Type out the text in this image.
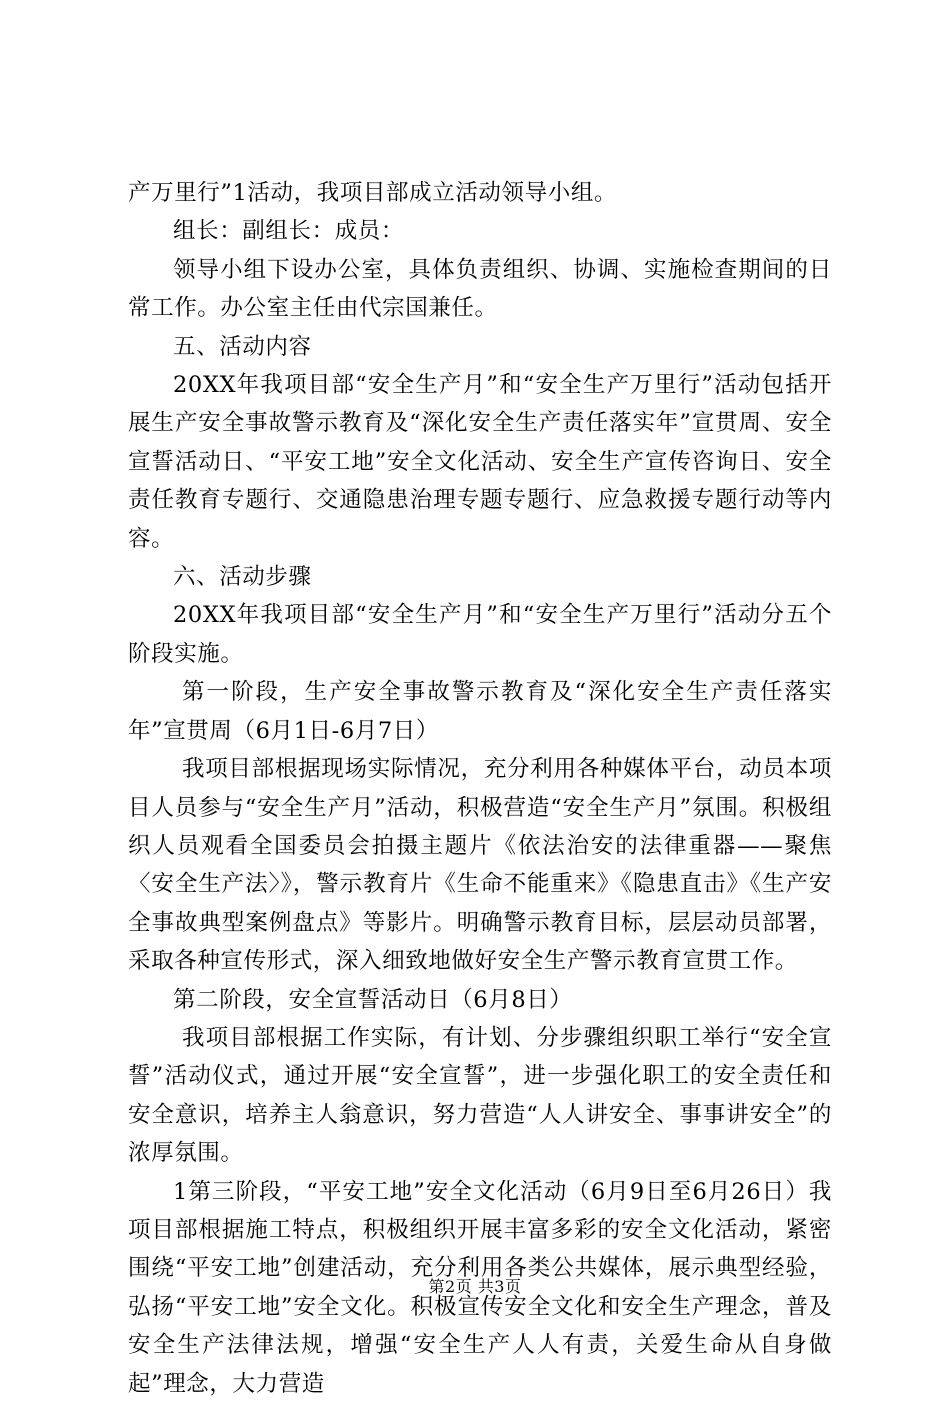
产万里行”1活动，我项目部成立活动领导小组。

组长：副组长：成员：

领导小组下设办公室，具体负责组织、协调、实施检查期间的日常工作。办公室主任由代宗国兼任。

五、活动内容

20XX年我项目部“安全生产月”和“安全生产万里行”活动包括开展生产安全事故警示教育及“深化安全生产责任落实年”宣贯周、安全宣誓活动日、“平安工地”安全文化活动、安全生产宣传咨询日、安全责任教育专题行、交通隐患治理专题专题行、应急救援专题行动等内容。

六、活动步骤

20XX年我项目部“安全生产月”和“安全生产万里行”活动分五个阶段实施。

第一阶段，生产安全事故警示教育及“深化安全生产责任落实年”宣贯周（6月1日-6月7日）

我项目部根据现场实际情况，充分利用各种媒体平台，动员本项目人员参与“安全生产月”活动，积极营造“安全生产月”氛围。积极组织人员观看全国委员会拍摄主题片《依法治安的法律重器——聚焦〈安全生产法〉》，警示教育片《生命不能重来》《隐患直击》《生产安全事故典型案例盘点》等影片。明确警示教育目标，层层动员部署，采取各种宣传形式，深入细致地做好安全生产警示教育宣贯工作。

第二阶段，安全宣誓活动日（6月8日）

我项目部根据工作实际，有计划、分步骤组织职工举行“安全宣誓”活动仪式，通过开展“安全宣誓”，进一步强化职工的安全责任和安全意识，培养主人翁意识，努力营造“人人讲安全、事事讲安全”的浓厚氛围。

1第三阶段，“平安工地”安全文化活动（6月9日至6月26日）我项目部根据施工特点，积极组织开展丰富多彩的安全文化活动，紧密围绕“平安工地”创建活动，充分利用各类公共媒体，展示典型经验，弘扬“平安工地”安全文化。积极宣传安全文化和安全生产理念，普及安全生产法律法规，增强“安全生产人人有责，关爱生命从自身做起”理念，大力营造

第2页 共3页
